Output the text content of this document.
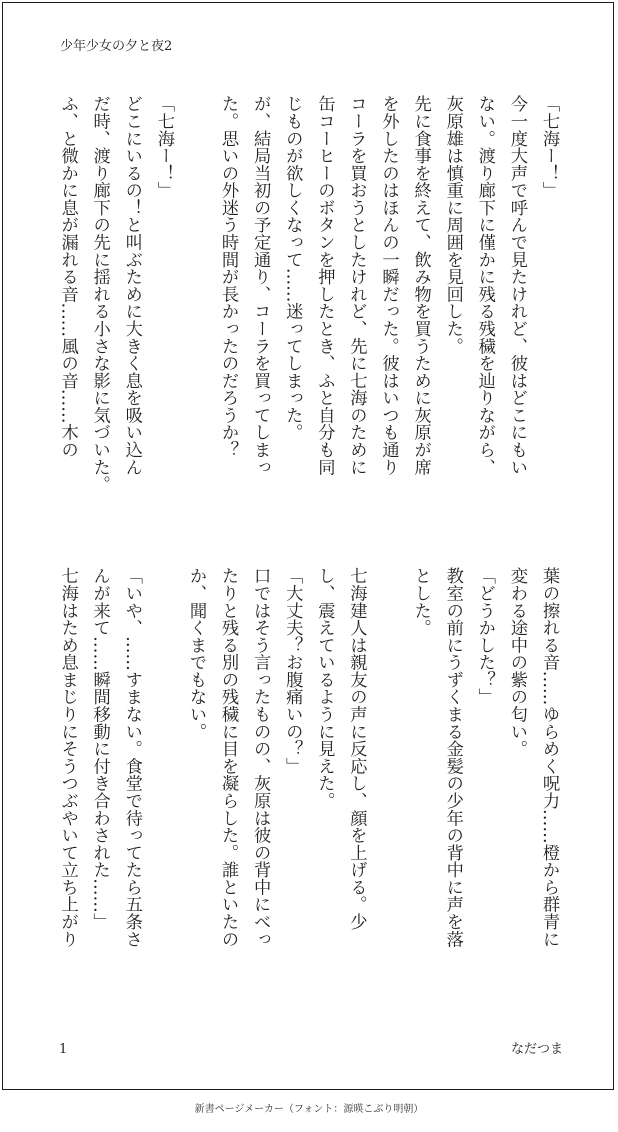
少年少女の夕と夜2
「七海ー！」
今一度大声で呼んで見たけれど、彼はどこにもい
ない。渡り廊下に僅かに残る残穢を辿りながら、
灰原雄は慎重に周囲を見回した。
先に食事を終えて、飲み物を買うために灰原が席
を外したのはほんの一瞬だった。彼はいつも通り
コーラを買おうとしたけれど、先に七海のために
缶コーヒーのボタンを押したとき、ふと自分も同
じものが欲しくなって……迷ってしまった。
が、結局当初の予定通り、コーラを買ってしまっ
た。思いの外迷う時間が長かったのだろうか？
「七海ー！」
どこにいるの！と叫ぶために大きく息を吸い込ん
だ時、渡り廊下の先に揺れる小さな影に気づいた。
ふ、と微かに息が漏れる音……風の音……木の
葉の擦れる音……ゆらめく呪力……橙から群青に
変わる途中の紫の匂い。
「どうかした？」
教室の前にうずくまる金髪の少年の背中に声を落
とした。
七海建人は親友の声に反応し、顔を上げる。少
し、震えているように見えた。
「大丈夫？お腹痛いの？」
口ではそう言ったものの、灰原は彼の背中にべっ
たりと残る別の残穢に目を凝らした。誰といたの
か、聞くまでもない。
「いや、……すまない。食堂で待ってたら五条さ
んが来て……瞬間移動に付き合わされた……」
七海はため息まじりにそうつぶやいて立ち上がり
1	なだつま
新書ページメーカー（フォント：源暎こぶり明朝）
